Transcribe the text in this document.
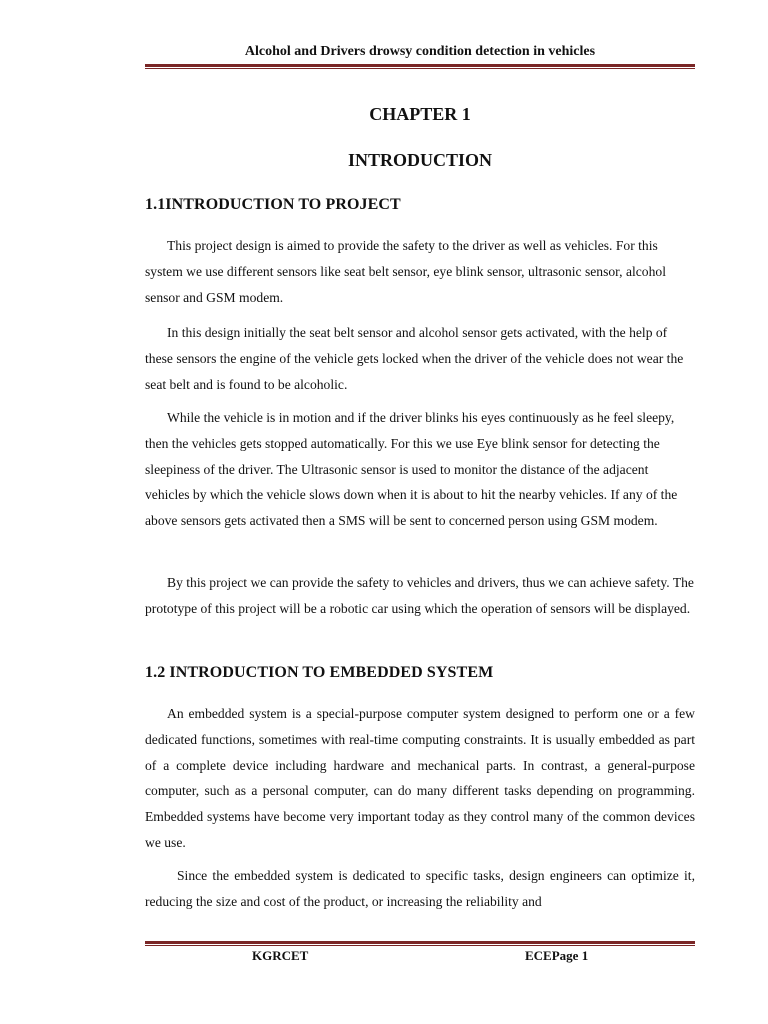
Alcohol and Drivers drowsy condition detection in vehicles
CHAPTER 1
INTRODUCTION
1.1INTRODUCTION TO PROJECT

This project design is aimed to provide the safety to the driver as well as vehicles. For this system we use different sensors like seat belt sensor, eye blink sensor, ultrasonic sensor, alcohol sensor and GSM modem.

In this design initially the seat belt sensor and alcohol sensor gets activated, with the help of these sensors the engine of the vehicle gets locked when the driver of the vehicle does not wear the seat belt and is found to be alcoholic.

While the vehicle is in motion and if the driver blinks his eyes continuously as he feel sleepy, then the vehicles gets stopped automatically. For this we use Eye blink sensor for detecting the sleepiness of the driver. The Ultrasonic sensor is used to monitor the distance of the adjacent vehicles by which the vehicle slows down when it is about to hit the nearby vehicles. If any of the above sensors gets activated then a SMS will be sent to concerned person using GSM modem.

By this project we can provide the safety to vehicles and drivers, thus we can achieve safety. The prototype of this project will be a robotic car using which the operation of sensors will be displayed.

1.2 INTRODUCTION TO EMBEDDED SYSTEM

An embedded system is a special-purpose computer system designed to perform one or a few dedicated functions, sometimes with real-time computing constraints. It is usually embedded as part of a complete device including hardware and mechanical parts. In contrast, a general-purpose computer, such as a personal computer, can do many different tasks depending on programming. Embedded systems have become very important today as they control many of the common devices we use.

Since the embedded system is dedicated to specific tasks, design engineers can optimize it, reducing the size and cost of the product, or increasing the reliability and

KGRCET	ECEPage 1
